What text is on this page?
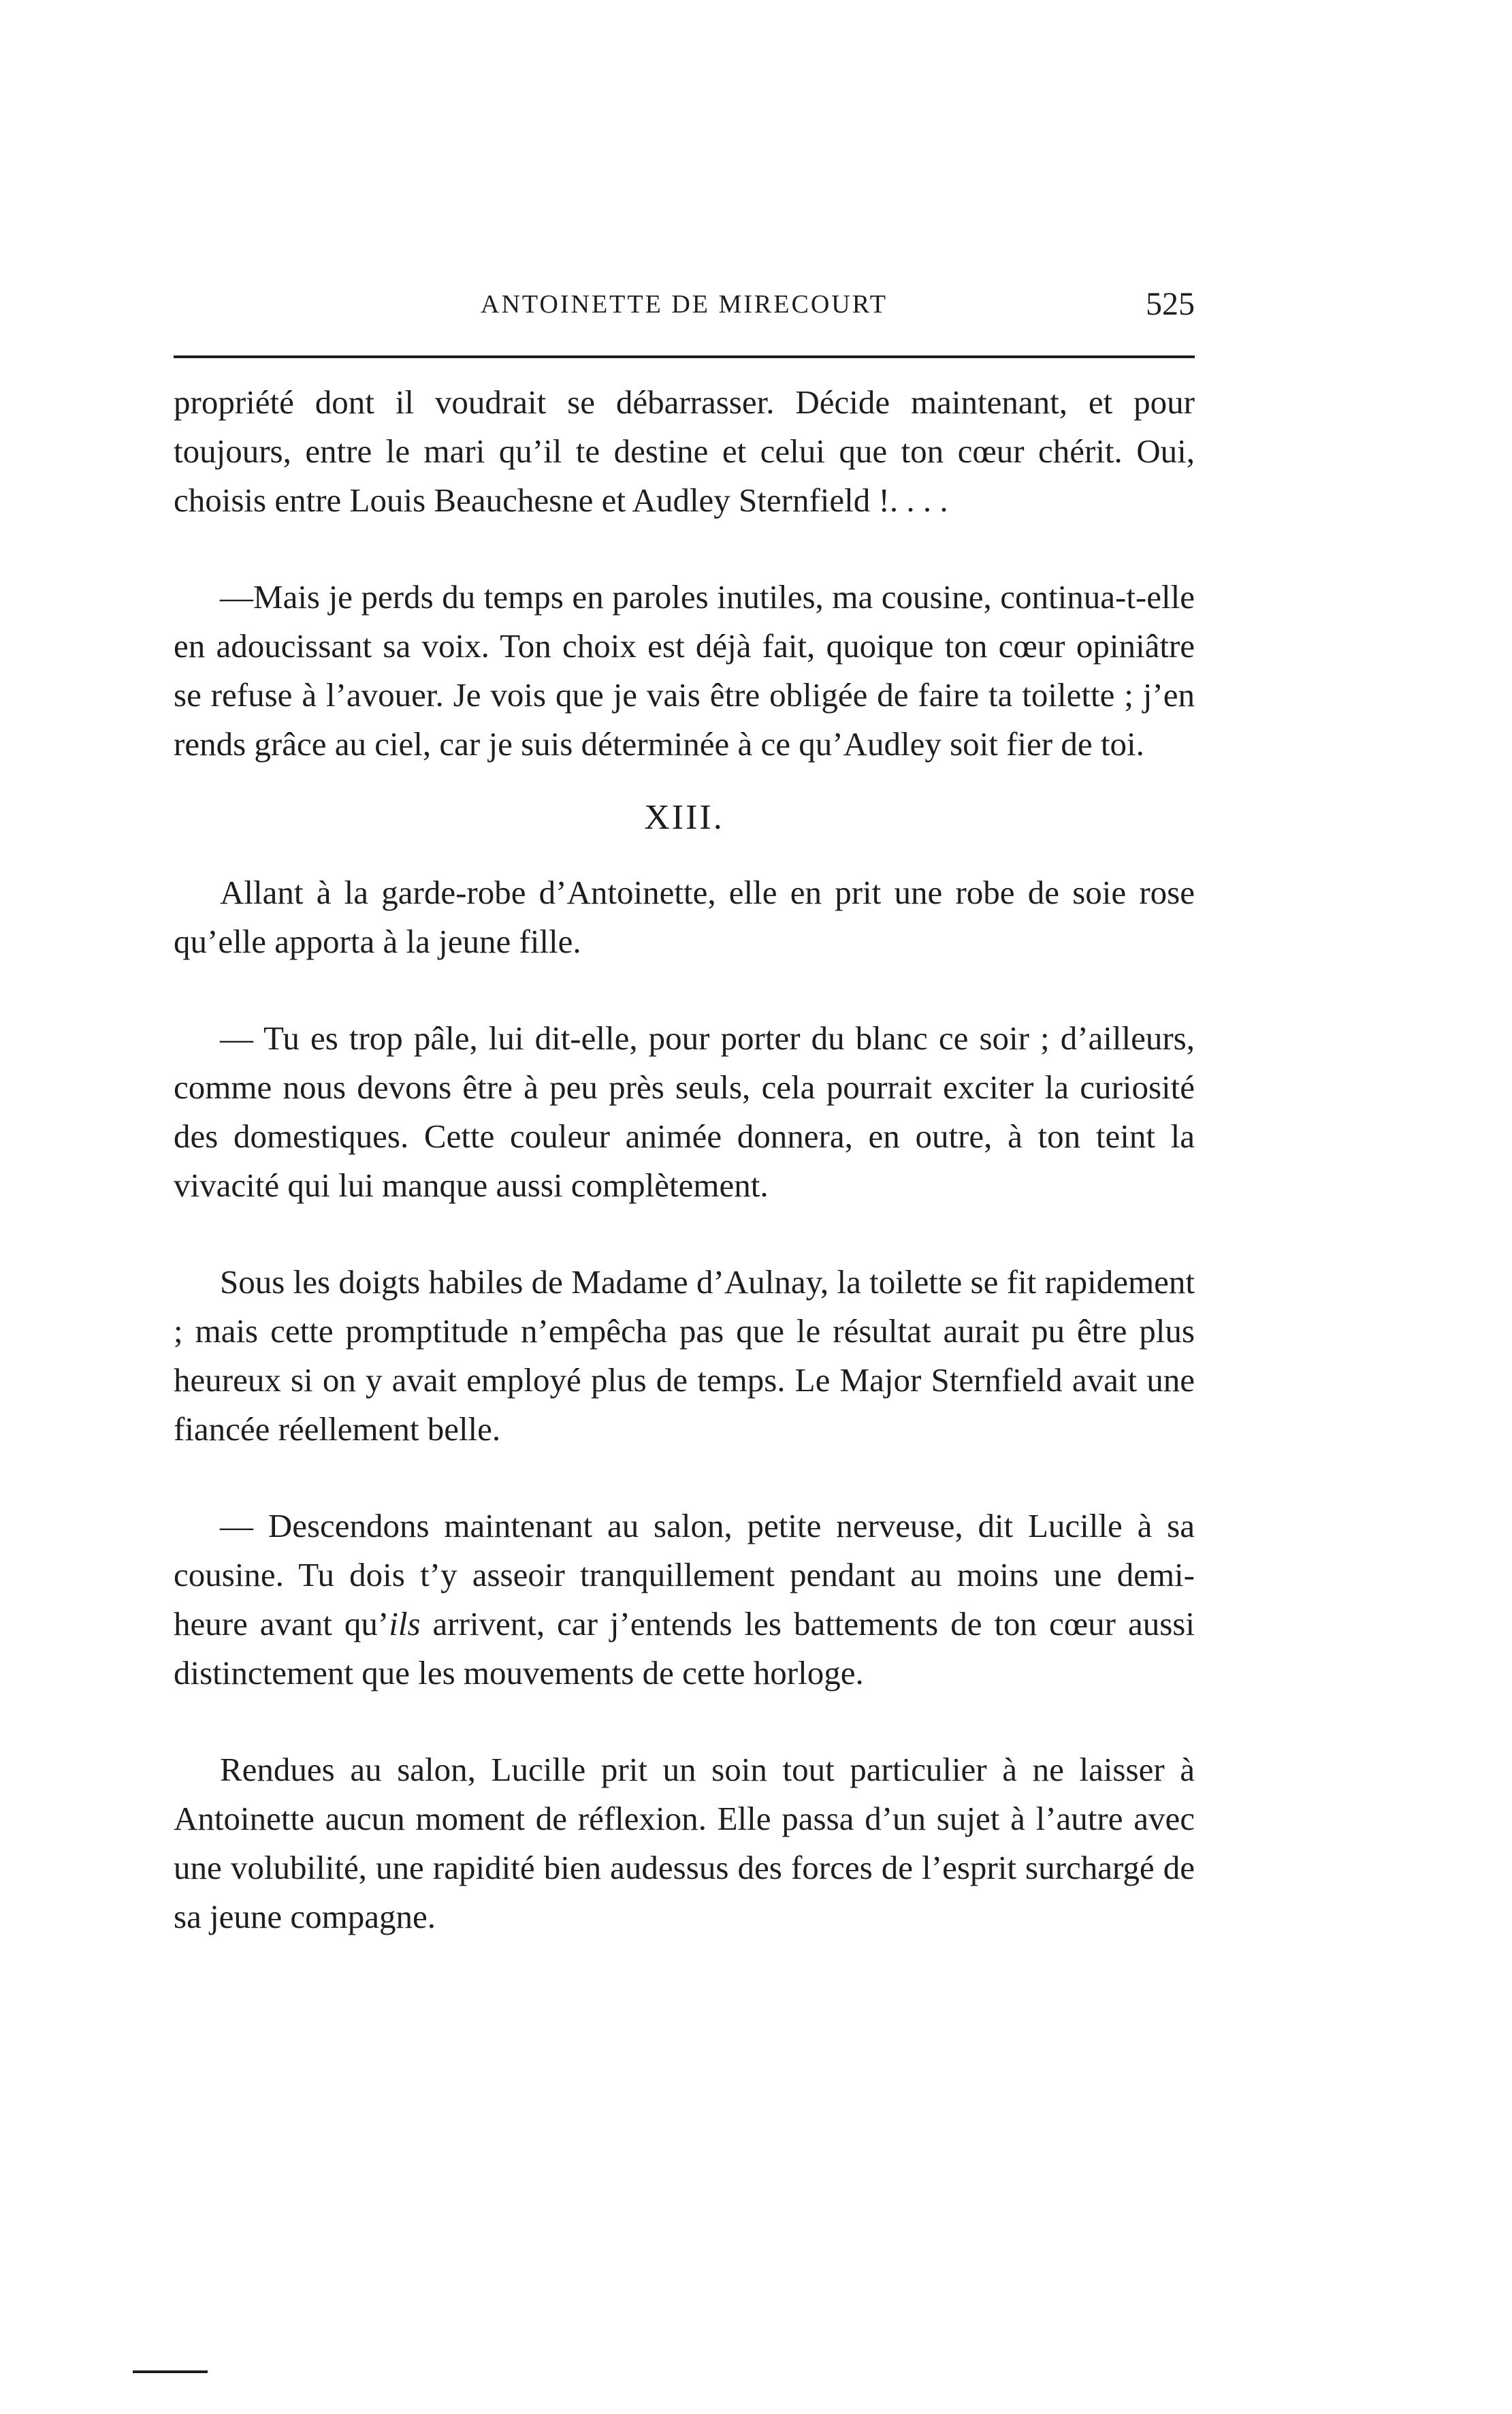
ANTOINETTE DE MIRECOURT	525

propriété dont il voudrait se débarrasser. Décide maintenant, et pour toujours, entre le mari qu’il te destine et celui que ton cœur chérit. Oui, choisis entre Louis Beauchesne et Audley Sternfield !. . . .

—Mais je perds du temps en paroles inutiles, ma cousine, continua-t-elle en adoucissant sa voix. Ton choix est déjà fait, quoique ton cœur opiniâtre se refuse à l’avouer. Je vois que je vais être obligée de faire ta toilette ; j’en rends grâce au ciel, car je suis déterminée à ce qu’Audley soit fier de toi.

XIII.

Allant à la garde-robe d’Antoinette, elle en prit une robe de soie rose qu’elle apporta à la jeune fille.

— Tu es trop pâle, lui dit-elle, pour porter du blanc ce soir ; d’ailleurs, comme nous devons être à peu près seuls, cela pourrait exciter la curiosité des domestiques. Cette couleur animée donnera, en outre, à ton teint la vivacité qui lui manque aussi complètement.

Sous les doigts habiles de Madame d’Aulnay, la toilette se fit rapidement ; mais cette promptitude n’empêcha pas que le résultat aurait pu être plus heureux si on y avait employé plus de temps. Le Major Sternfield avait une fiancée réellement belle.

— Descendons maintenant au salon, petite nerveuse, dit Lucille à sa cousine. Tu dois t’y asseoir tranquillement pendant au moins une demi-heure avant qu’ils arrivent, car j’entends les battements de ton cœur aussi distinctement que les mouvements de cette horloge.

Rendues au salon, Lucille prit un soin tout particulier à ne laisser à Antoinette aucun moment de réflexion. Elle passa d’un sujet à l’autre avec une volubilité, une rapidité bien audessus des forces de l’esprit surchargé de sa jeune compagne.
